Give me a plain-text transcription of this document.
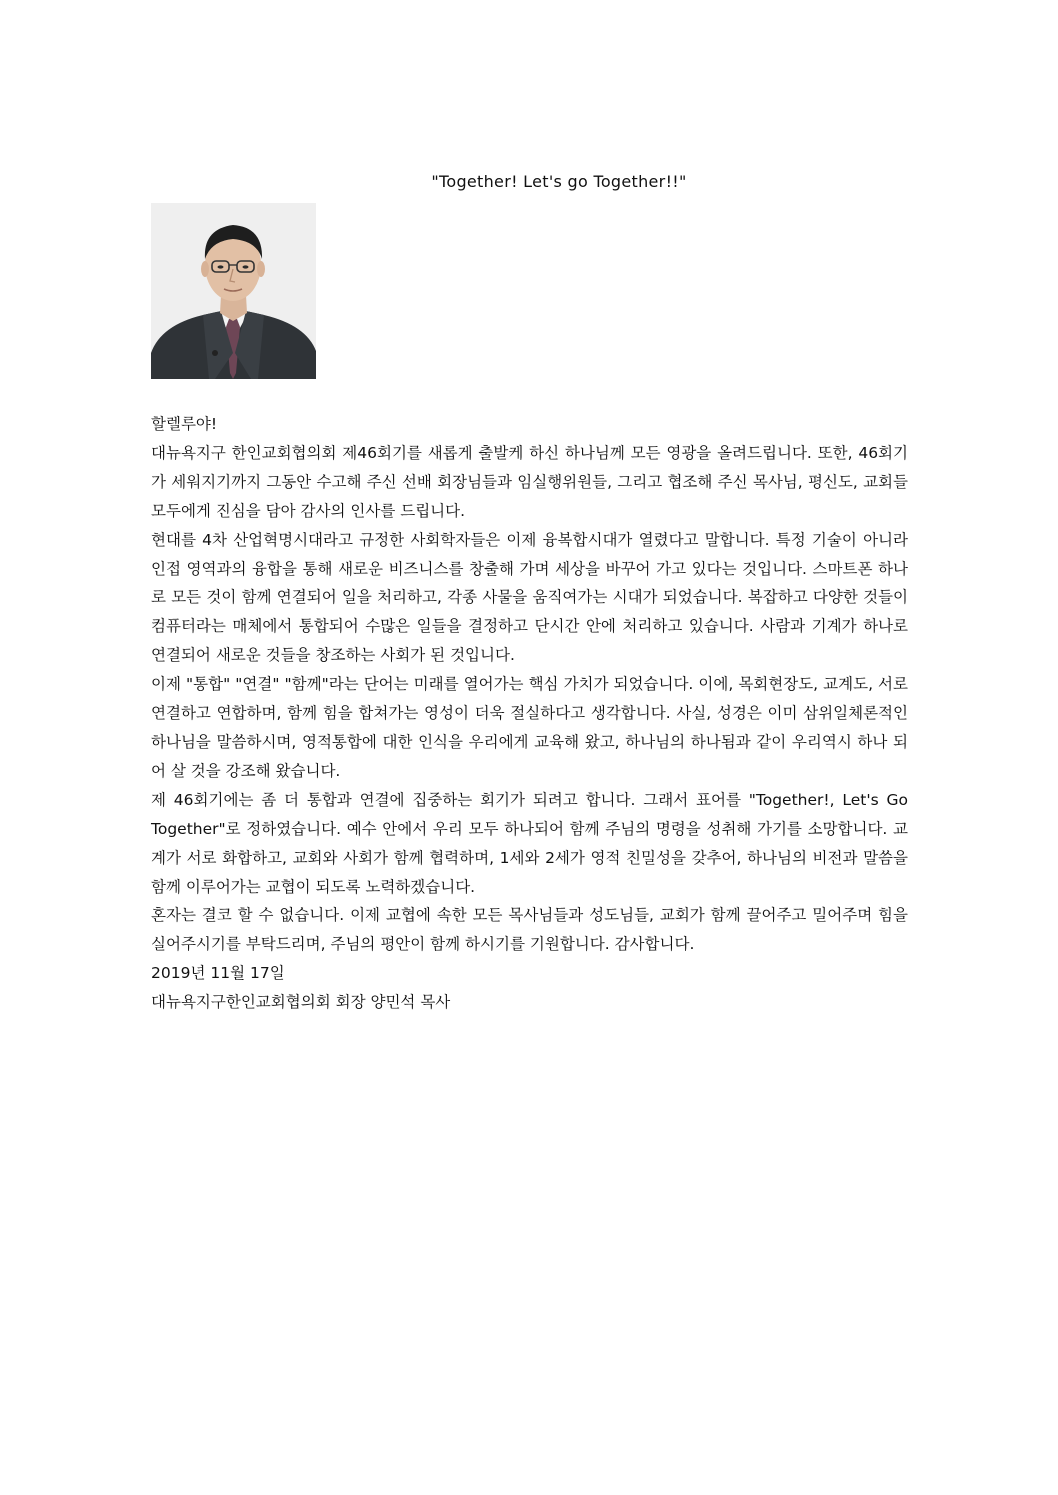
"Together! Let's go Together!!"

할렐루야!

대뉴욕지구 한인교회협의회 제46회기를 새롭게 출발케 하신 하나님께 모든 영광을 올려드립니다. 또한, 46회기가 세워지기까지 그동안 수고해 주신 선배 회장님들과 임실행위원들, 그리고 협조해 주신 목사님, 평신도, 교회들 모두에게 진심을 담아 감사의 인사를 드립니다.

현대를 4차 산업혁명시대라고 규정한 사회학자들은 이제 융복합시대가 열렸다고 말합니다. 특정 기술이 아니라 인접 영역과의 융합을 통해 새로운 비즈니스를 창출해 가며 세상을 바꾸어 가고 있다는 것입니다. 스마트폰 하나로 모든 것이 함께 연결되어 일을 처리하고, 각종 사물을 움직여가는 시대가 되었습니다. 복잡하고 다양한 것들이 컴퓨터라는 매체에서 통합되어 수많은 일들을 결정하고 단시간 안에 처리하고 있습니다. 사람과 기계가 하나로 연결되어 새로운 것들을 창조하는 사회가 된 것입니다.

이제 "통합" "연결" "함께"라는 단어는 미래를 열어가는 핵심 가치가 되었습니다. 이에, 목회현장도, 교계도, 서로 연결하고 연합하며, 함께 힘을 합쳐가는 영성이 더욱 절실하다고 생각합니다. 사실, 성경은 이미 삼위일체론적인 하나님을 말씀하시며, 영적통합에 대한 인식을 우리에게 교육해 왔고, 하나님의 하나됨과 같이 우리역시 하나 되어 살 것을 강조해 왔습니다.

제 46회기에는 좀 더 통합과 연결에 집중하는 회기가 되려고 합니다. 그래서 표어를 "Together!, Let's Go Together"로 정하였습니다. 예수 안에서 우리 모두 하나되어 함께 주님의 명령을 성취해 가기를 소망합니다. 교계가 서로 화합하고, 교회와 사회가 함께 협력하며, 1세와 2세가 영적 친밀성을 갖추어, 하나님의 비전과 말씀을 함께 이루어가는 교협이 되도록 노력하겠습니다.

혼자는 결코 할 수 없습니다. 이제 교협에 속한 모든 목사님들과 성도님들, 교회가 함께 끌어주고 밀어주며 힘을 실어주시기를 부탁드리며, 주님의 평안이 함께 하시기를 기원합니다. 감사합니다.

2019년 11월 17일

대뉴욕지구한인교회협의회 회장 양민석 목사
